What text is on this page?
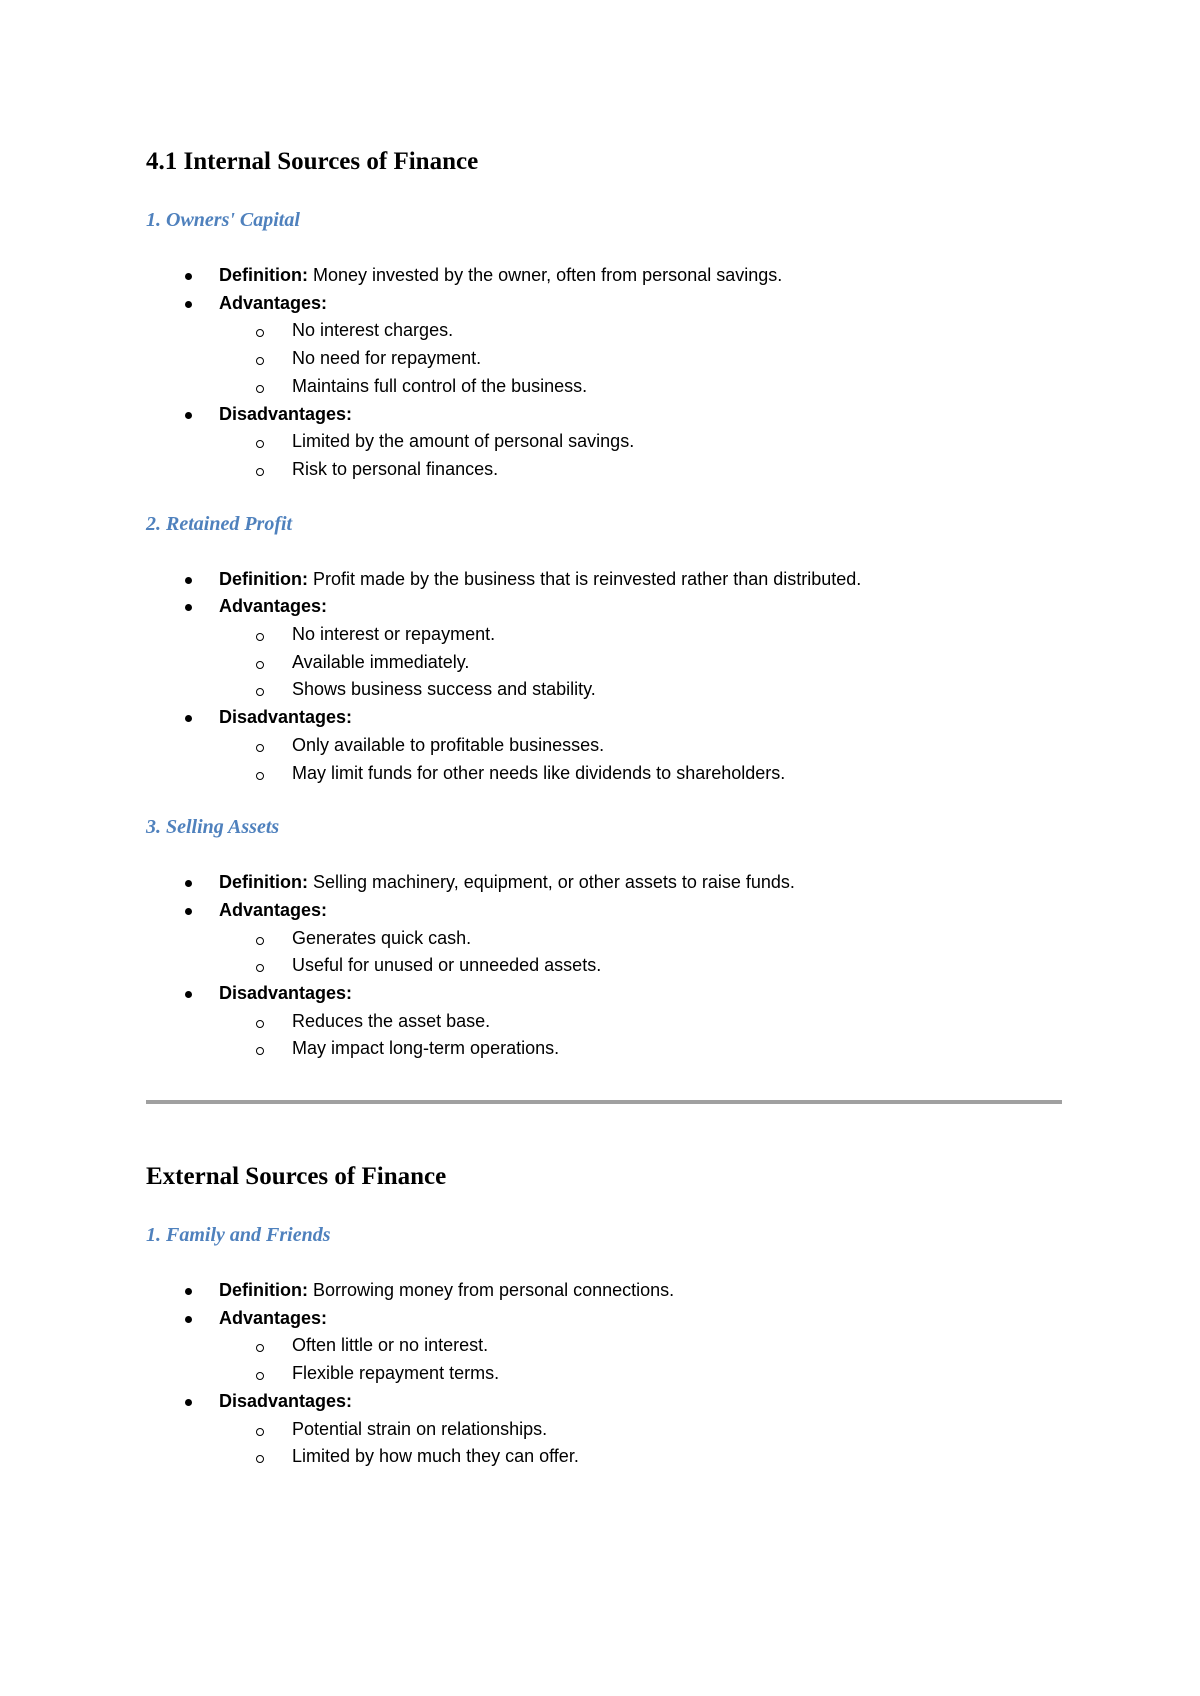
4.1 Internal Sources of Finance
1. Owners' Capital
Definition: Money invested by the owner, often from personal savings.
Advantages:
No interest charges.
No need for repayment.
Maintains full control of the business.
Disadvantages:
Limited by the amount of personal savings.
Risk to personal finances.
2. Retained Profit
Definition: Profit made by the business that is reinvested rather than distributed.
Advantages:
No interest or repayment.
Available immediately.
Shows business success and stability.
Disadvantages:
Only available to profitable businesses.
May limit funds for other needs like dividends to shareholders.
3. Selling Assets
Definition: Selling machinery, equipment, or other assets to raise funds.
Advantages:
Generates quick cash.
Useful for unused or unneeded assets.
Disadvantages:
Reduces the asset base.
May impact long-term operations.
External Sources of Finance
1. Family and Friends
Definition: Borrowing money from personal connections.
Advantages:
Often little or no interest.
Flexible repayment terms.
Disadvantages:
Potential strain on relationships.
Limited by how much they can offer.
